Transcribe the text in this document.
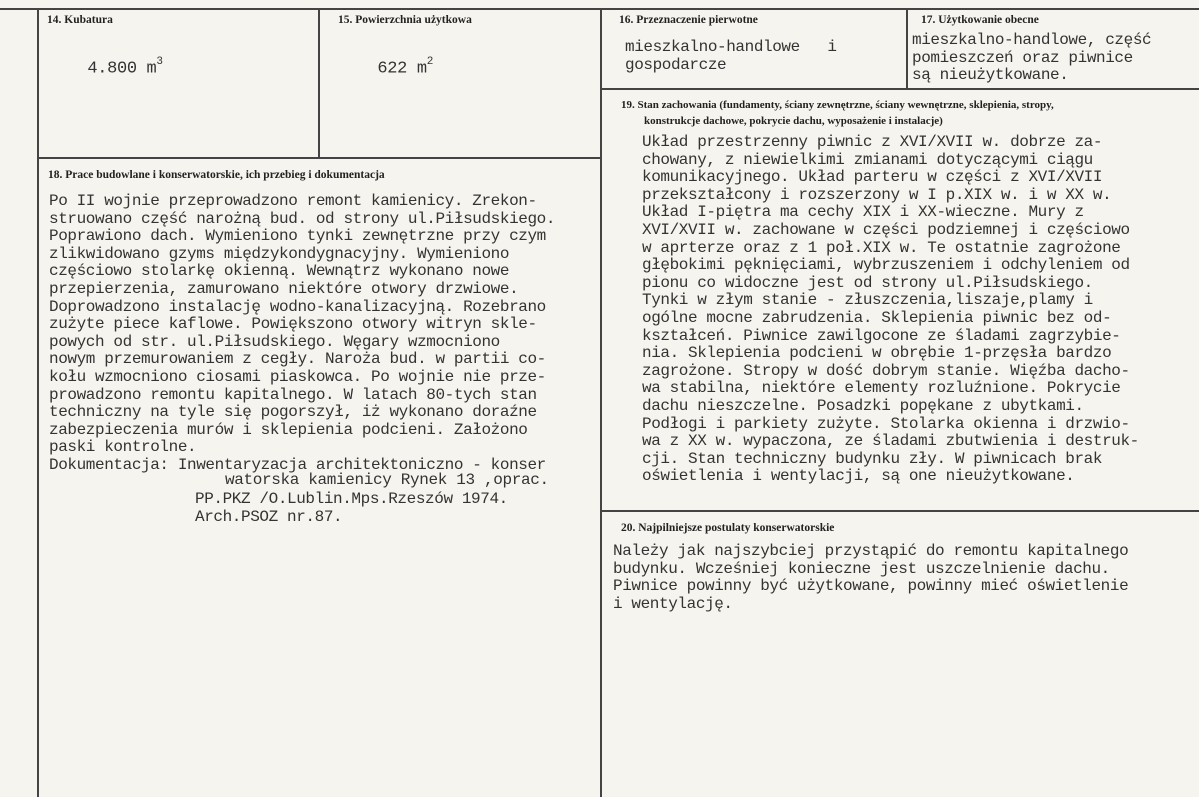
14. Kubatura

4.800 $m^3$

15. Powierzchnia użytkowa

622 $m^2$

16. Przeznaczenie pierwotne
mieszkalno-handlowe   i
gospodarcze
17. Użytkowanie obecne
mieszkalno-handlowe, część
pomieszczeń oraz piwnice
są nieużytkowane.
18. Prace budowlane i konserwatorskie, ich przebieg i dokumentacja
Po II wojnie przeprowadzono remont kamienicy. Zrekon-
struowano część narożną bud. od strony ul.Piłsudskiego.
Poprawiono dach. Wymieniono tynki zewnętrzne przy czym
zlikwidowano gzyms międzykondygnacyjny. Wymieniono
częściowo stolarkę okienną. Wewnątrz wykonano nowe
przepierzenia, zamurowano niektóre otwory drzwiowe.
Doprowadzono instalację wodno-kanalizacyjną. Rozebrano
zużyte piece kaflowe. Powiększono otwory witryn skle-
powych od str. ul.Piłsudskiego. Węgary wzmocniono
nowym przemurowaniem z cegły. Naroża bud. w partii co-
kołu wzmocniono ciosami piaskowca. Po wojnie nie prze-
prowadzono remontu kapitalnego. W latach 80-tych stan
techniczny na tyle się pogorszył, iż wykonano doraźne
zabezpieczenia murów i sklepienia podcieni. Założono
paski kontrolne.
Dokumentacja: Inwentaryzacja architektoniczno - konser
watorska kamienicy Rynek 13 ,oprac.
PP.PKZ /O.Lublin.Mps.Rzeszów 1974.
Arch.PSOZ nr.87.
19. Stan zachowania (fundamenty, ściany zewnętrzne, ściany wewnętrzne, sklepienia, stropy,
konstrukcje dachowe, pokrycie dachu, wyposażenie i instalacje)
Układ przestrzenny piwnic z XVI/XVII w. dobrze za-
chowany, z niewielkimi zmianami dotyczącymi ciągu
komunikacyjnego. Układ parteru w części z XVI/XVII
przekształcony i rozszerzony w I p.XIX w. i w XX w.
Układ I-piętra ma cechy XIX i XX-wieczne. Mury z
XVI/XVII w. zachowane w części podziemnej i częściowo
w aprterze oraz z 1 poł.XIX w. Te ostatnie zagrożone
głębokimi pęknięciami, wybrzuszeniem i odchyleniem od
pionu co widoczne jest od strony ul.Piłsudskiego.
Tynki w złym stanie - złuszczenia,liszaje,plamy i
ogólne mocne zabrudzenia. Sklepienia piwnic bez od-
kształceń. Piwnice zawilgocone ze śladami zagrzybie-
nia. Sklepienia podcieni w obrębie 1-przęsła bardzo
zagrożone. Stropy w dość dobrym stanie. Więźba dacho-
wa stabilna, niektóre elementy rozluźnione. Pokrycie
dachu nieszczelne. Posadzki popękane z ubytkami.
Podłogi i parkiety zużyte. Stolarka okienna i drzwio-
wa z XX w. wypaczona, ze śladami zbutwienia i destruk-
cji. Stan techniczny budynku zły. W piwnicach brak
oświetlenia i wentylacji, są one nieużytkowane.
20. Najpilniejsze postulaty konserwatorskie
Należy jak najszybciej przystąpić do remontu kapitalnego
budynku. Wcześniej konieczne jest uszczelnienie dachu.
Piwnice powinny być użytkowane, powinny mieć oświetlenie
i wentylację.
